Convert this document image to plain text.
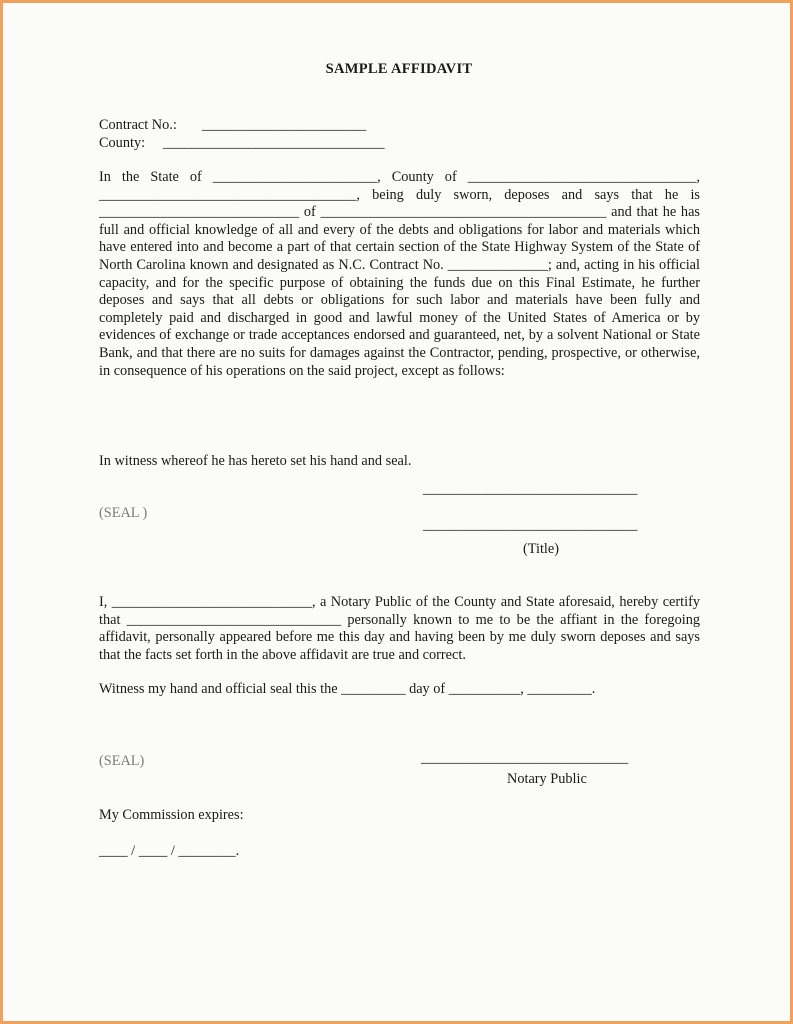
SAMPLE AFFIDAVIT
Contract No.:       _______________________
County:     _______________________________

In the State of _______________________, County of ________________________________, ____________________________________, being duly sworn, deposes and says that he is ____________________________ of ________________________________________ and that he has full and official knowledge of all and every of the debts and obligations for labor and materials which have entered into and become a part of that certain section of the State Highway System of the State of North Carolina known and designated as N.C. Contract No. ______________; and, acting in his official capacity, and for the specific purpose of obtaining the funds due on this Final Estimate, he further deposes and says that all debts or obligations for such labor and materials have been fully and completely paid and discharged in good and lawful money of the United States of America or by evidences of exchange or trade acceptances endorsed and guaranteed, net, by a solvent National or State Bank, and that there are no suits for damages against the Contractor, pending, prospective, or otherwise, in consequence of his operations on the said project, except as follows:

In witness whereof he has hereto set his hand and seal.
______________________________
(SEAL )
______________________________
(Title)

I, ____________________________, a Notary Public of the County and State aforesaid, hereby certify that ______________________________ personally known to me to be the affiant in the foregoing affidavit, personally appeared before me this day and having been by me duly sworn deposes and says that the facts set forth in the above affidavit are true and correct.

Witness my hand and official seal this the _________ day of __________, _________.
(SEAL)	_____________________________
Notary Public
My Commission expires:
____ / ____ / ________.
